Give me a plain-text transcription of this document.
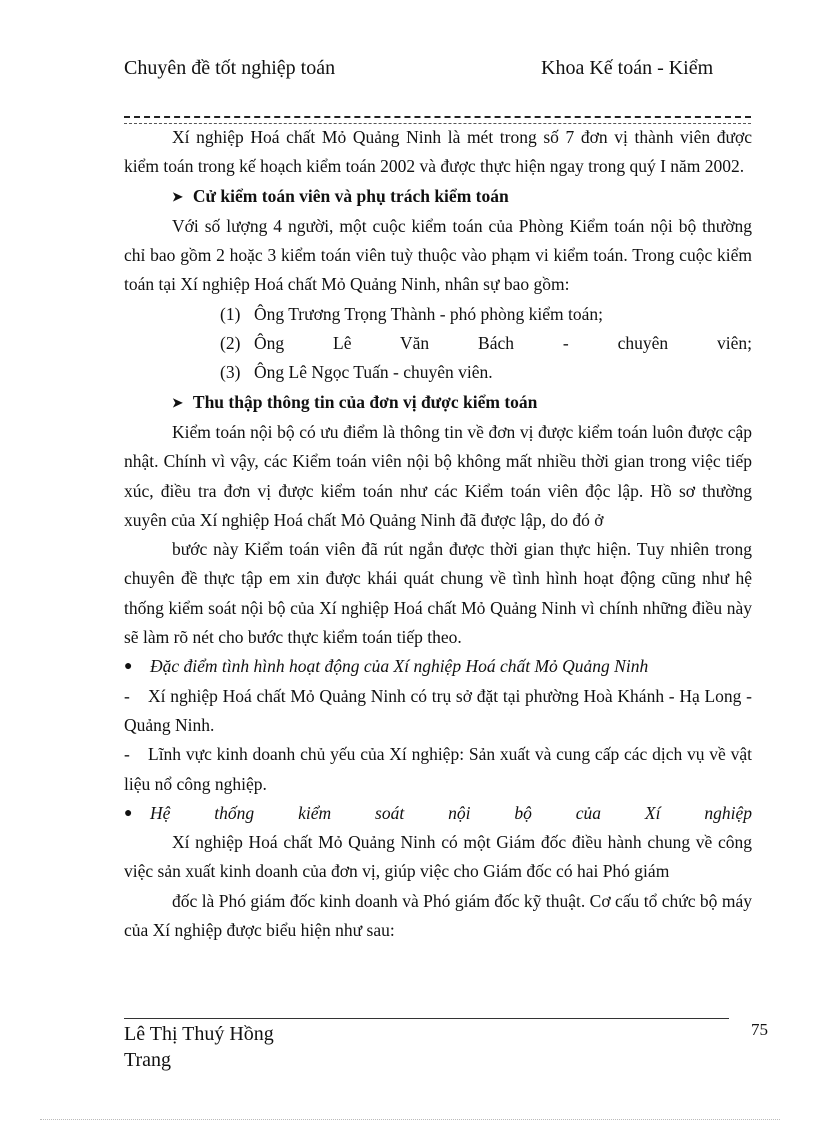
Chuyên đề tốt nghiệp toán	Khoa Kế toán - Kiểm

Xí nghiệp Hoá chất Mỏ Quảng Ninh là mét trong số 7 đơn vị thành viên được kiểm toán trong kế hoạch kiểm toán 2002 và được thực hiện ngay trong quý I năm 2002.

➤ Cử kiểm toán viên và phụ trách kiểm toán

Với số lượng 4 người, một cuộc kiểm toán của Phòng Kiểm toán nội bộ thường chỉ bao gồm 2 hoặc 3 kiểm toán viên tuỳ thuộc vào phạm vi kiểm toán. Trong cuộc kiểm toán tại Xí nghiệp Hoá chất Mỏ Quảng Ninh, nhân sự bao gồm:

(1) Ông Trương Trọng Thành - phó phòng kiểm toán;
(2) Ông Lê Văn Bách - chuyên viên;
(3) Ông Lê Ngọc Tuấn - chuyên viên.

➤ Thu thập thông tin của đơn vị được kiểm toán

Kiểm toán nội bộ có ưu điểm là thông tin về đơn vị được kiểm toán luôn được cập nhật. Chính vì vậy, các Kiểm toán viên nội bộ không mất nhiều thời gian trong việc tiếp xúc, điều tra đơn vị được kiểm toán như các Kiểm toán viên độc lập. Hồ sơ thường xuyên của Xí nghiệp Hoá chất Mỏ Quảng Ninh đã được lập, do đó ở

bước này Kiểm toán viên đã rút ngắn được thời gian thực hiện. Tuy nhiên trong chuyên đề thực tập em xin được khái quát chung về tình hình hoạt động cũng như hệ thống kiểm soát nội bộ của Xí nghiệp Hoá chất Mỏ Quảng Ninh vì chính những điều này sẽ làm rõ nét cho bước thực kiểm toán tiếp theo.

●	Đặc điểm tình hình hoạt động của Xí nghiệp Hoá chất Mỏ Quảng Ninh

- Xí nghiệp Hoá chất Mỏ Quảng Ninh có trụ sở đặt tại phường Hoà Khánh - Hạ Long - Quảng Ninh.

- Lĩnh vực kinh doanh chủ yếu của Xí nghiệp: Sản xuất và cung cấp các dịch vụ về vật liệu nổ công nghiệp.

●	Hệ thống kiểm soát nội bộ của Xí nghiệp

Xí nghiệp Hoá chất Mỏ Quảng Ninh có một Giám đốc điều hành chung về công việc sản xuất kinh doanh của đơn vị, giúp việc cho Giám đốc có hai Phó giám

đốc là Phó giám đốc kinh doanh và Phó giám đốc kỹ thuật. Cơ cấu tổ chức bộ máy của Xí nghiệp được biểu hiện như sau:

Lê Thị Thuý Hồng Trang
75
